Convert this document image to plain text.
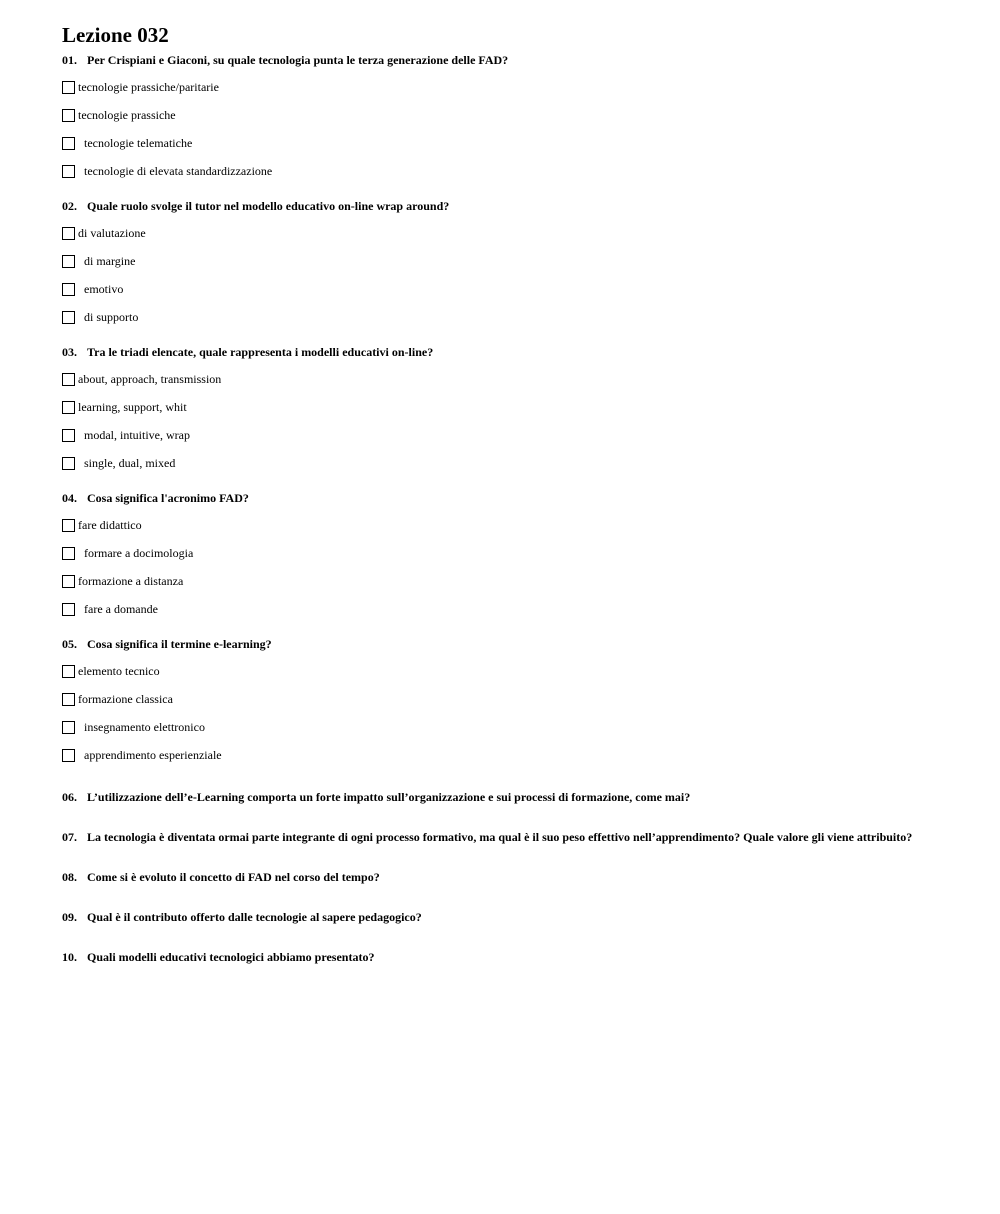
Lezione 032

01. Per Crispiani e Giaconi, su quale tecnologia punta le terza generazione delle FAD?

tecnologie prassiche/paritarie
tecnologie prassiche
tecnologie telematiche
tecnologie di elevata standardizzazione

02. Quale ruolo svolge il tutor nel modello educativo on-line wrap around?

di valutazione
di margine
emotivo
di supporto

03. Tra le triadi elencate, quale rappresenta i modelli educativi on-line?

about, approach, transmission
learning, support, whit
modal, intuitive, wrap
single, dual, mixed

04. Cosa significa l'acronimo FAD?

fare didattico
formare a docimologia
formazione a distanza
fare a domande

05. Cosa significa il termine e-learning?

elemento tecnico
formazione classica
insegnamento elettronico
apprendimento esperienziale

06. L’utilizzazione dell’e-Learning comporta un forte impatto sull’organizzazione e sui processi di formazione, come mai?

07. La tecnologia è diventata ormai parte integrante di ogni processo formativo, ma qual è il suo peso effettivo nell’apprendimento? Quale valore gli viene attribuito?

08. Come si è evoluto il concetto di FAD nel corso del tempo?

09. Qual è il contributo offerto dalle tecnologie al sapere pedagogico?

10. Quali modelli educativi tecnologici abbiamo presentato?
